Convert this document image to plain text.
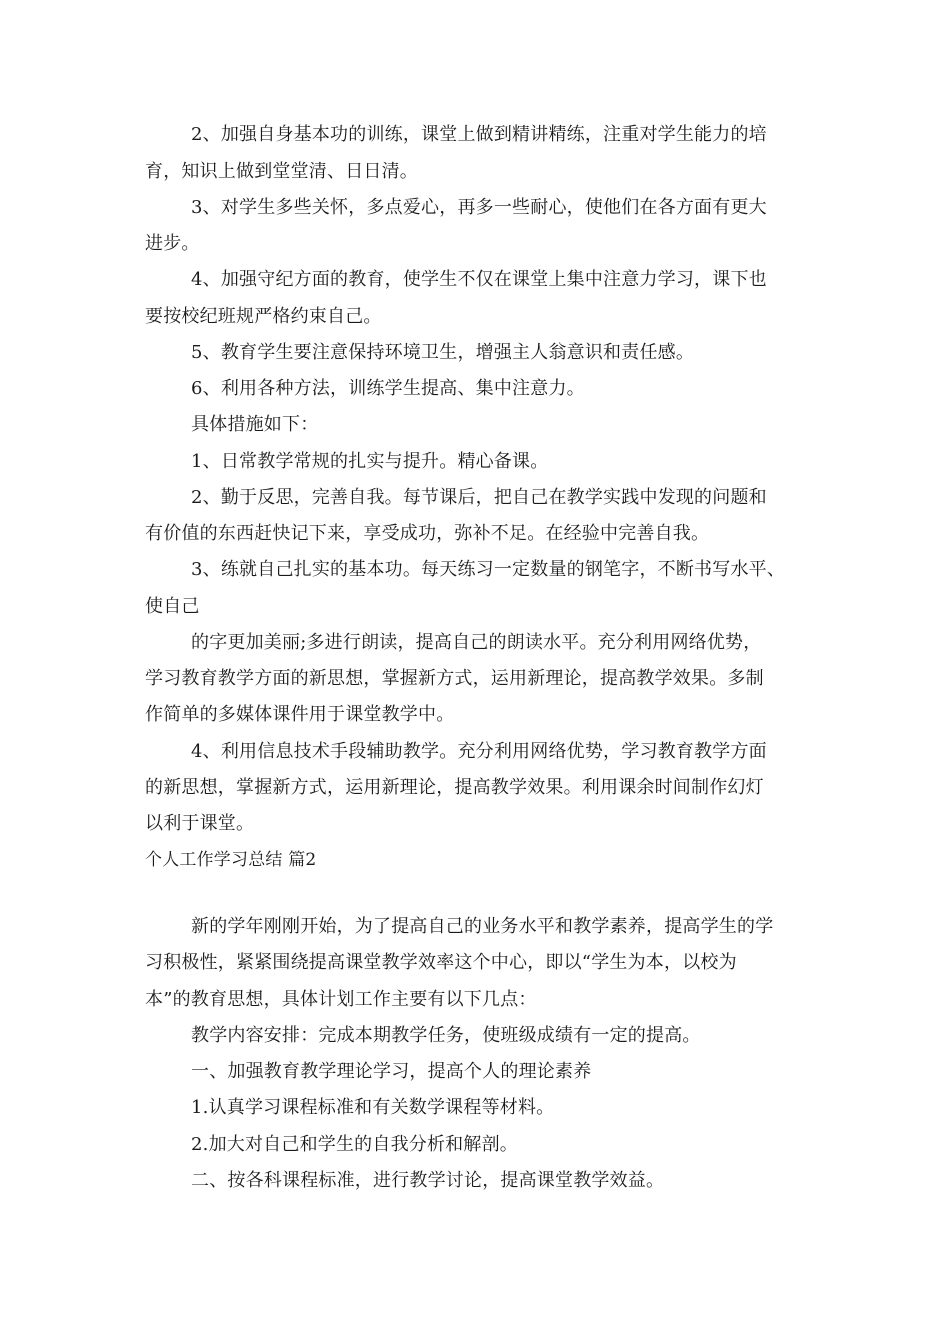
2、加强自身基本功的训练，课堂上做到精讲精练，注重对学生能力的培

育，知识上做到堂堂清、日日清。

3、对学生多些关怀，多点爱心，再多一些耐心，使他们在各方面有更大

进步。

4、加强守纪方面的教育，使学生不仅在课堂上集中注意力学习，课下也

要按校纪班规严格约束自己。

5、教育学生要注意保持环境卫生，增强主人翁意识和责任感。

6、利用各种方法，训练学生提高、集中注意力。

具体措施如下：

1、日常教学常规的扎实与提升。精心备课。

2、勤于反思，完善自我。每节课后，把自己在教学实践中发现的问题和

有价值的东西赶快记下来，享受成功，弥补不足。在经验中完善自我。

3、练就自己扎实的基本功。每天练习一定数量的钢笔字，不断书写水平、

使自己

的字更加美丽;多进行朗读，提高自己的朗读水平。充分利用网络优势，

学习教育教学方面的新思想，掌握新方式，运用新理论，提高教学效果。多制

作简单的多媒体课件用于课堂教学中。

4、利用信息技术手段辅助教学。充分利用网络优势，学习教育教学方面

的新思想，掌握新方式，运用新理论，提高教学效果。利用课余时间制作幻灯

以利于课堂。

个人工作学习总结 篇2

新的学年刚刚开始，为了提高自己的业务水平和教学素养，提高学生的学

习积极性，紧紧围绕提高课堂教学效率这个中心，即以“学生为本，以校为

本”的教育思想，具体计划工作主要有以下几点：

教学内容安排：完成本期教学任务，使班级成绩有一定的提高。

一、加强教育教学理论学习，提高个人的理论素养

1.认真学习课程标准和有关数学课程等材料。

2.加大对自己和学生的自我分析和解剖。

二、按各科课程标准，进行教学讨论，提高课堂教学效益。
